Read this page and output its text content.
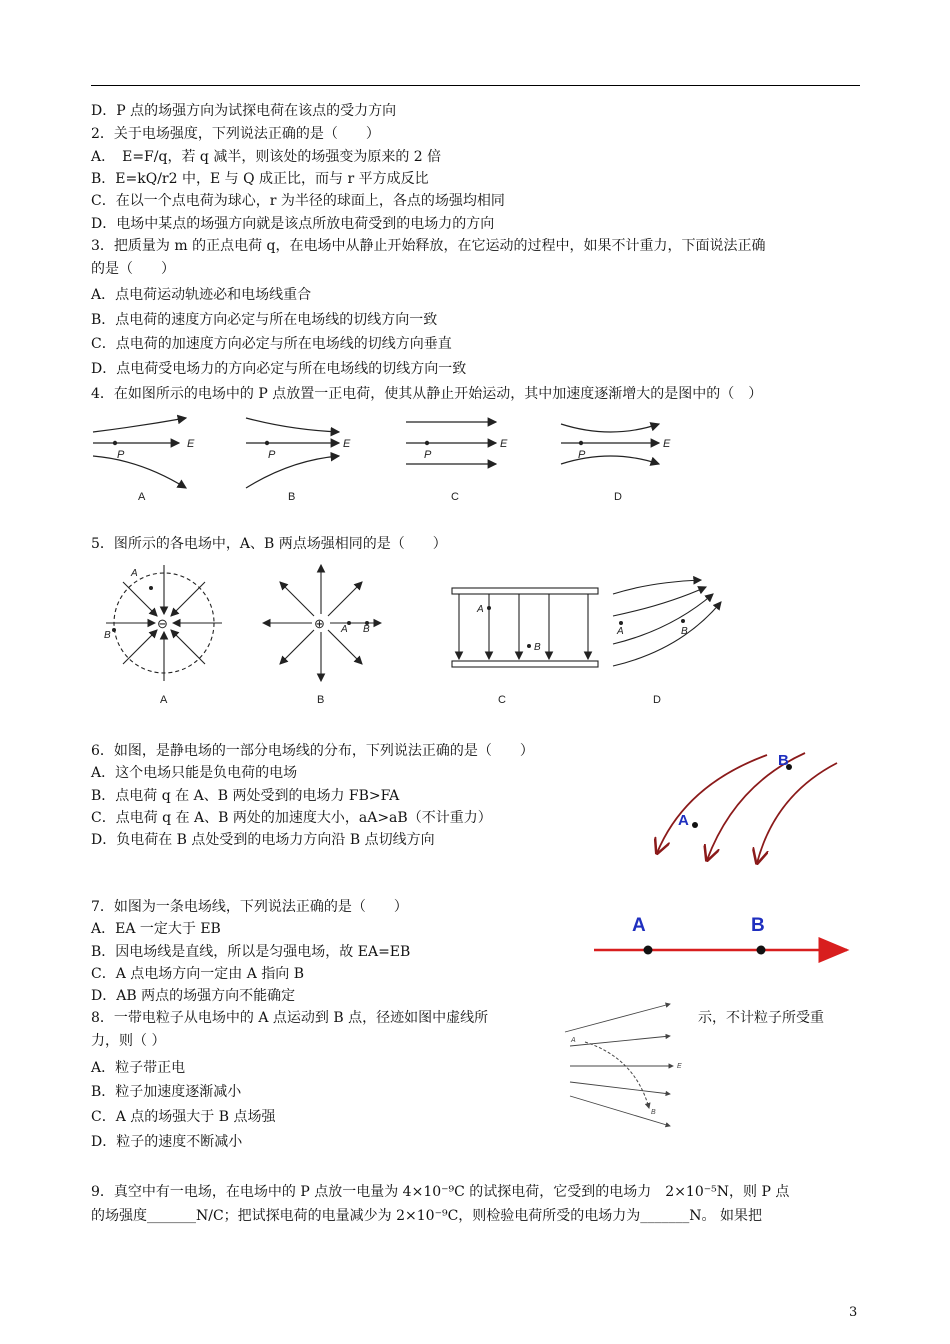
D．P 点的场强方向为试探电荷在该点的受力方向
2．关于电场强度，下列说法正确的是（　　）
A．　E=F/q，若 q 减半，则该处的场强变为原来的 2 倍
B．E=kQ/r2 中，E 与 Q 成正比，而与 r 平方成反比
C．在以一个点电荷为球心，r 为半径的球面上，各点的场强均相同
D．电场中某点的场强方向就是该点所放电荷受到的电场力的方向
3．把质量为 m 的正点电荷 q，在电场中从静止开始释放，在它运动的过程中，如果不计重力，下面说法正确
的是（　　）
A．点电荷运动轨迹必和电场线重合
B．点电荷的速度方向必定与所在电场线的切线方向一致
C．点电荷的加速度方向必定与所在电场线的切线方向垂直
D．点电荷受电场力的方向必定与所在电场线的切线方向一致
4．在如图所示的电场中的 P 点放置一正电荷，使其从静止开始运动，其中加速度逐渐增大的是图中的（　）
E	E	E	E
P	P	P	P
A	B	C	D
5．图所示的各电场中，A、B 两点场强相同的是（　　）
A
B
A B
A
B
A	B
⊖	⊕
A	B	C	D
6．如图，是静电场的一部分电场线的分布，下列说法正确的是（　　）
A．这个电场只能是负电荷的电场
B．点电荷 q 在 A、B 两处受到的电场力 FB>FA
C．点电荷 q 在 A、B 两处的加速度大小，aA>aB（不计重力）
D．负电荷在 B 点处受到的电场力方向沿 B 点切线方向
A
B
7．如图为一条电场线，下列说法正确的是（　　）
A．EA 一定大于 EB
B．因电场线是直线，所以是匀强电场，故 EA=EB
C．A 点电场方向一定由 A 指向 B
D．AB 两点的场强方向不能确定
A	B
8．一带电粒子从电场中的 A 点运动到 B 点，径迹如图中虚线所	示，不计粒子所受重
力，则（ ）
A．粒子带正电
B．粒子加速度逐渐减小
C．A 点的场强大于 B 点场强
D．粒子的速度不断减小
A
B
E
9．真空中有一电场，在电场中的 P 点放一电量为 4×10⁻⁹C 的试探电荷，它受到的电场力　2×10⁻⁵N，则 P 点
的场强度_______N/C；把试探电荷的电量减少为 2×10⁻⁹C，则检验电荷所受的电场力为_______N。 如果把
3
